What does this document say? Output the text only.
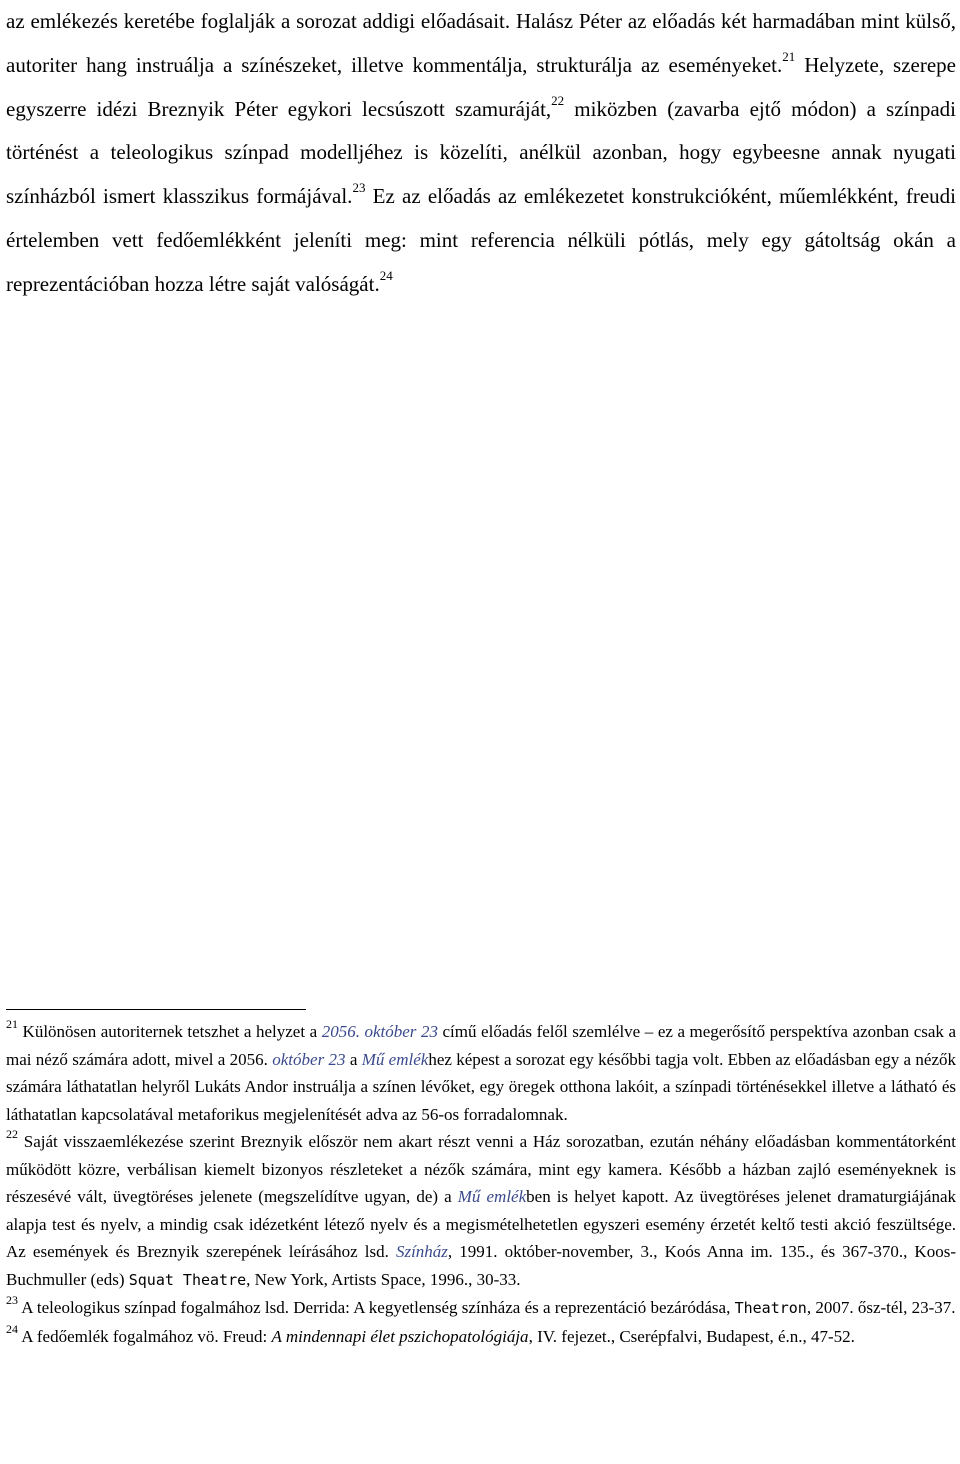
az emlékezés keretébe foglalják a sorozat addigi előadásait. Halász Péter az előadás két harmadában mint külső, autoriter hang instruálja a színészeket, illetve kommentálja, strukturálja az eseményeket.$^{21}$ Helyzete, szerepe egyszerre idézi Breznyik Péter egykori lecsúszott szamuráját,$^{22}$ miközben (zavarba ejtő módon) a színpadi történést a teleologikus színpad modelljéhez is közelíti, anélkül azonban, hogy egybeesne annak nyugati színházból ismert klasszikus formájával.$^{23}$ Ez az előadás az emlékezetet konstrukcióként, műemlékként, freudi értelemben vett fedőemlékként jeleníti meg: mint referencia nélküli pótlás, mely egy gátoltság okán a reprezentációban hozza létre saját valóságát.$^{24}$

$^{21}$ Különösen autoriternek tetszhet a helyzet a 2056. október 23 című előadás felől szemlélve – ez a megerősítő perspektíva azonban csak a mai néző számára adott, mivel a 2056. október 23 a Mű emlékhez képest a sorozat egy későbbi tagja volt. Ebben az előadásban egy a nézők számára láthatatlan helyről Lukáts Andor instruálja a színen lévőket, egy öregek otthona lakóit, a színpadi történésekkel illetve a látható és láthatatlan kapcsolatával metaforikus megjelenítését adva az 56-os forradalomnak.

$^{22}$ Saját visszaemlékezése szerint Breznyik először nem akart részt venni a Ház sorozatban, ezután néhány előadásban kommentátorként működött közre, verbálisan kiemelt bizonyos részleteket a nézők számára, mint egy kamera. Később a házban zajló eseményeknek is részesévé vált, üvegtöréses jelenete (megszelídítve ugyan, de) a Mű emlékben is helyet kapott. Az üvegtöréses jelenet dramaturgiájának alapja test és nyelv, a mindig csak idézetként létező nyelv és a megismételhetetlen egyszeri esemény érzetét keltő testi akció feszültsége. Az események és Breznyik szerepének leírásához lsd. Színház, 1991. október-november, 3., Koós Anna im. 135., és 367-370., Koos-Buchmuller (eds) Squat Theatre, New York, Artists Space, 1996., 30-33.

$^{23}$ A teleologikus színpad fogalmához lsd. Derrida: A kegyetlenség színháza és a reprezentáció bezáródása, Theatron, 2007. ősz-tél, 23-37.

$^{24}$ A fedőemlék fogalmához vö. Freud: A mindennapi élet pszichopatológiája, IV. fejezet., Cserépfalvi, Budapest, é.n., 47-52.
